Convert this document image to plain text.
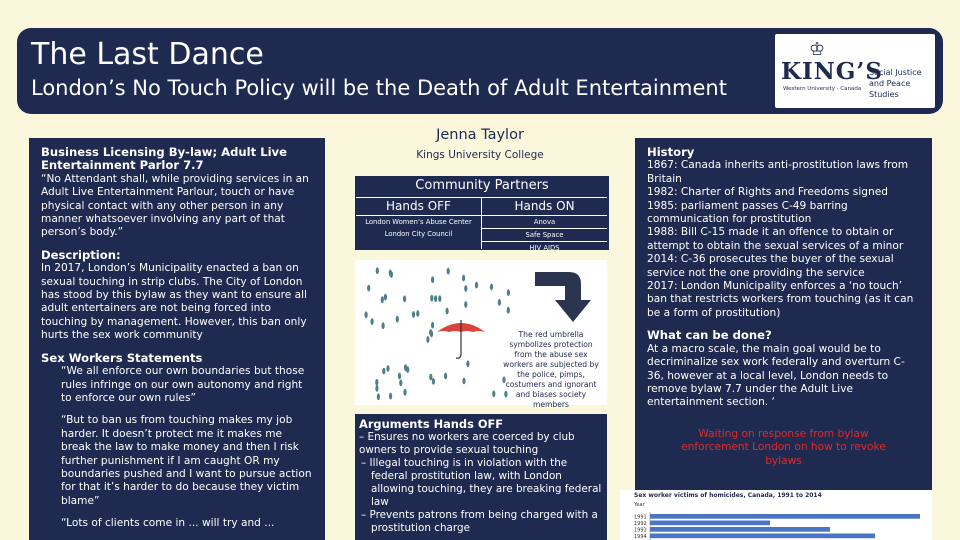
The Last Dance
London’s No Touch Policy will be the Death of Adult Entertainment
♔
KING’S
Western University · Canada
Social Justice and Peace Studies
Business Licensing By-law; Adult Live Entertainment Parlor 7.7

“No Attendant shall, while providing services in an Adult Live Entertainment Parlour, touch or have physical contact with any other person in any manner whatsoever involving any part of that person’s body.”

Description:

In 2017, London’s Municipality enacted a ban on sexual touching in strip clubs. The City of London has stood by this bylaw as they want to ensure all adult entertainers are not being forced into touching by management. However, this ban only hurts the sex work community

Sex Workers Statements

“We all enforce our own boundaries but those rules infringe on our own autonomy and right to enforce our own rules”

“But to ban us from touching makes my job harder. It doesn’t protect me it makes me break the law to make money and then I risk further punishment if I am caught OR my boundaries pushed and I want to pursue action for that it’s harder to do because they victim blame”

“Lots of clients come in ... will try and ...

Jenna Taylor
Kings University College
Community Partners
Hands OFF
London Women’s Abuse Center
London City Council
Hands ON
Anova
Safe Space
HIV AIDS
The red umbrella symbolizes protection from the abuse sex workers are subjected by the police, pimps, costumers and ignorant and biases society members
Arguments Hands OFF

– Ensures no workers are coerced by club owners to provide sexual touching

– Illegal touching is in violation with the federal prostitution law, with London allowing touching, they are breaking federal law

– Prevents patrons from being charged with a prostitution charge

History

1867: Canada inherits anti-prostitution laws from Britain

1982: Charter of Rights and Freedoms signed

1985: parliament passes C-49 barring communication for prostitution

1988: Bill C-15 made it an offence to obtain or attempt to obtain the sexual services of a minor

2014: C-36 prosecutes the buyer of the sexual service not the one providing the service

2017: London Municipality enforces a ‘no touch’ ban that restricts workers from touching (as it can be a form of prostitution)

What can be done?

At a macro scale, the main goal would be to decriminalize sex work federally and overturn C-36, however at a local level, London needs to remove bylaw 7.7 under the Adult Live entertainment section. ‘

Waiting on response from bylaw enforcement London on how to revoke bylaws

Sex worker victims of homicides, Canada, 1991 to 2014
Year
1991
1992
1993
1994
